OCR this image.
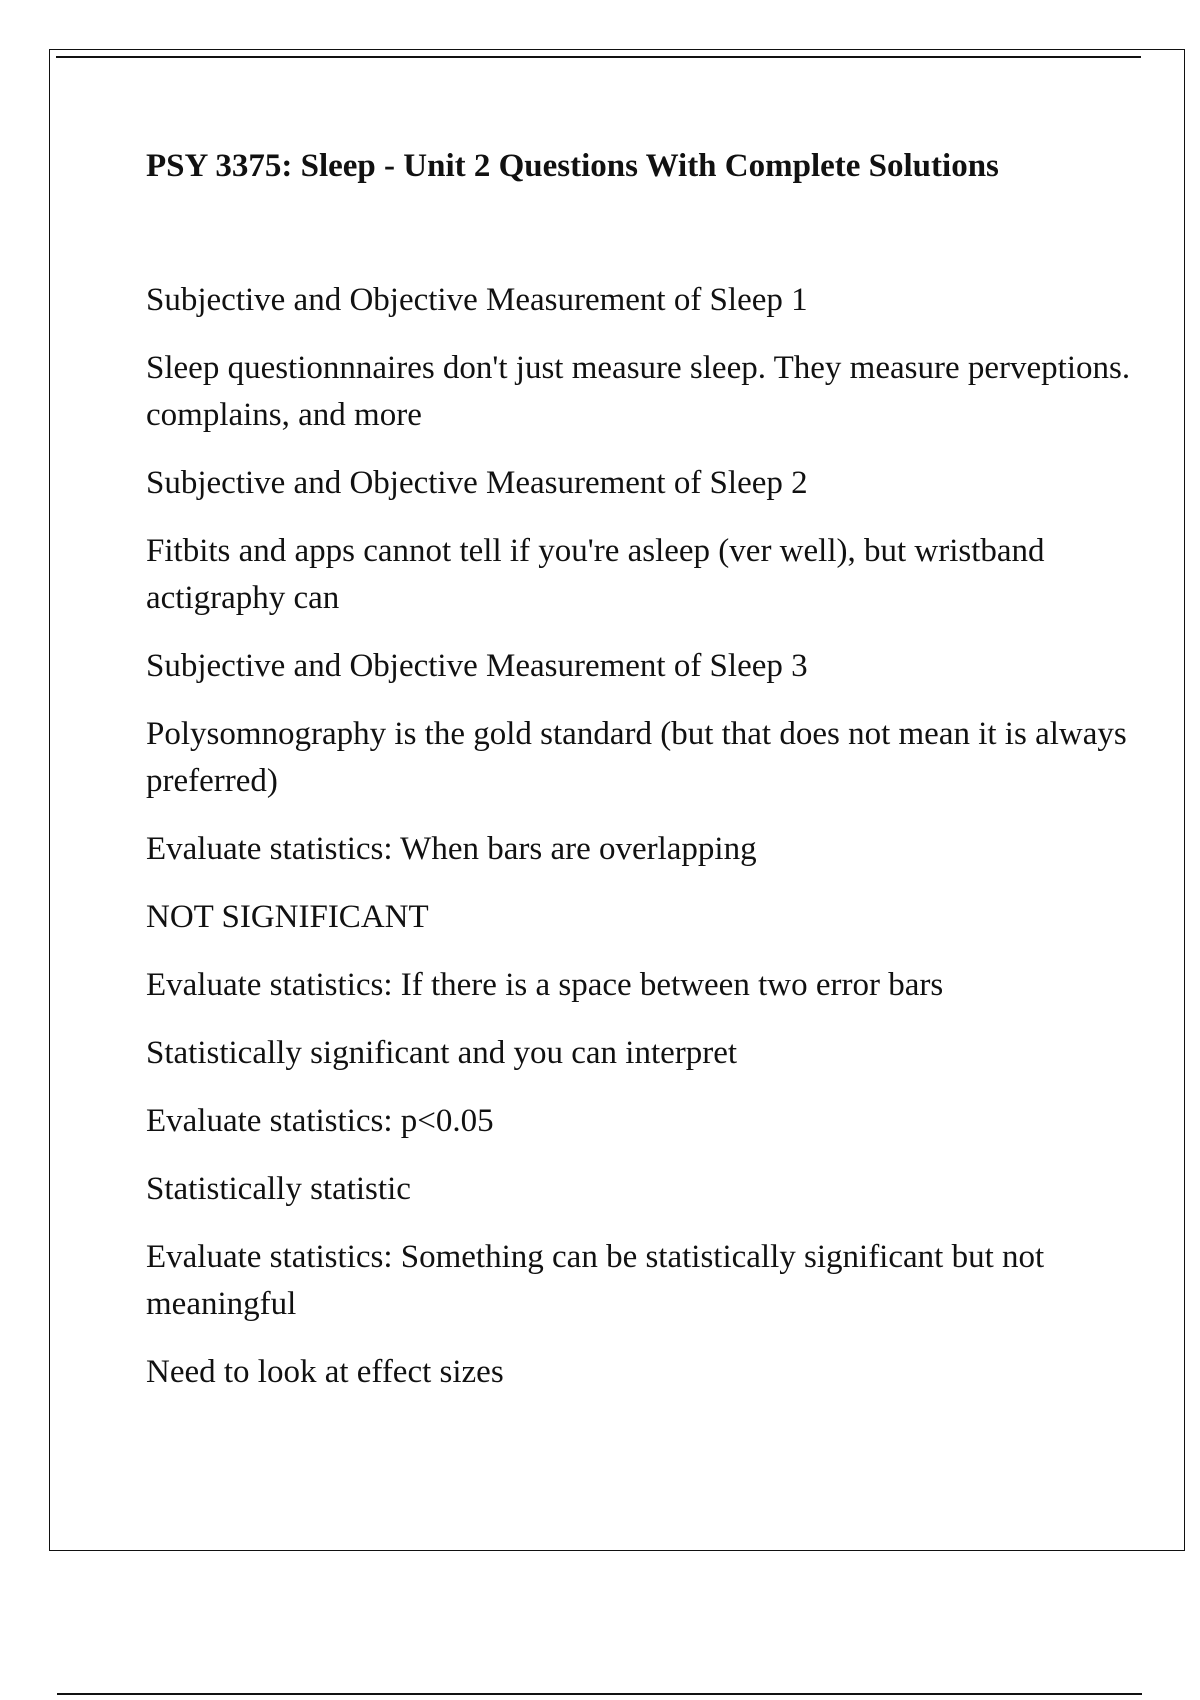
PSY 3375: Sleep - Unit 2 Questions With Complete Solutions

Subjective and Objective Measurement of Sleep 1

Sleep questionnnaires don't just measure sleep. They measure perveptions. complains, and more

Subjective and Objective Measurement of Sleep 2

Fitbits and apps cannot tell if you're asleep (ver well), but wristband actigraphy can

Subjective and Objective Measurement of Sleep 3

Polysomnography is the gold standard (but that does not mean it is always preferred)

Evaluate statistics: When bars are overlapping

NOT SIGNIFICANT

Evaluate statistics: If there is a space between two error bars

Statistically significant and you can interpret

Evaluate statistics: p<0.05

Statistically statistic

Evaluate statistics: Something can be statistically significant but not meaningful

Need to look at effect sizes
